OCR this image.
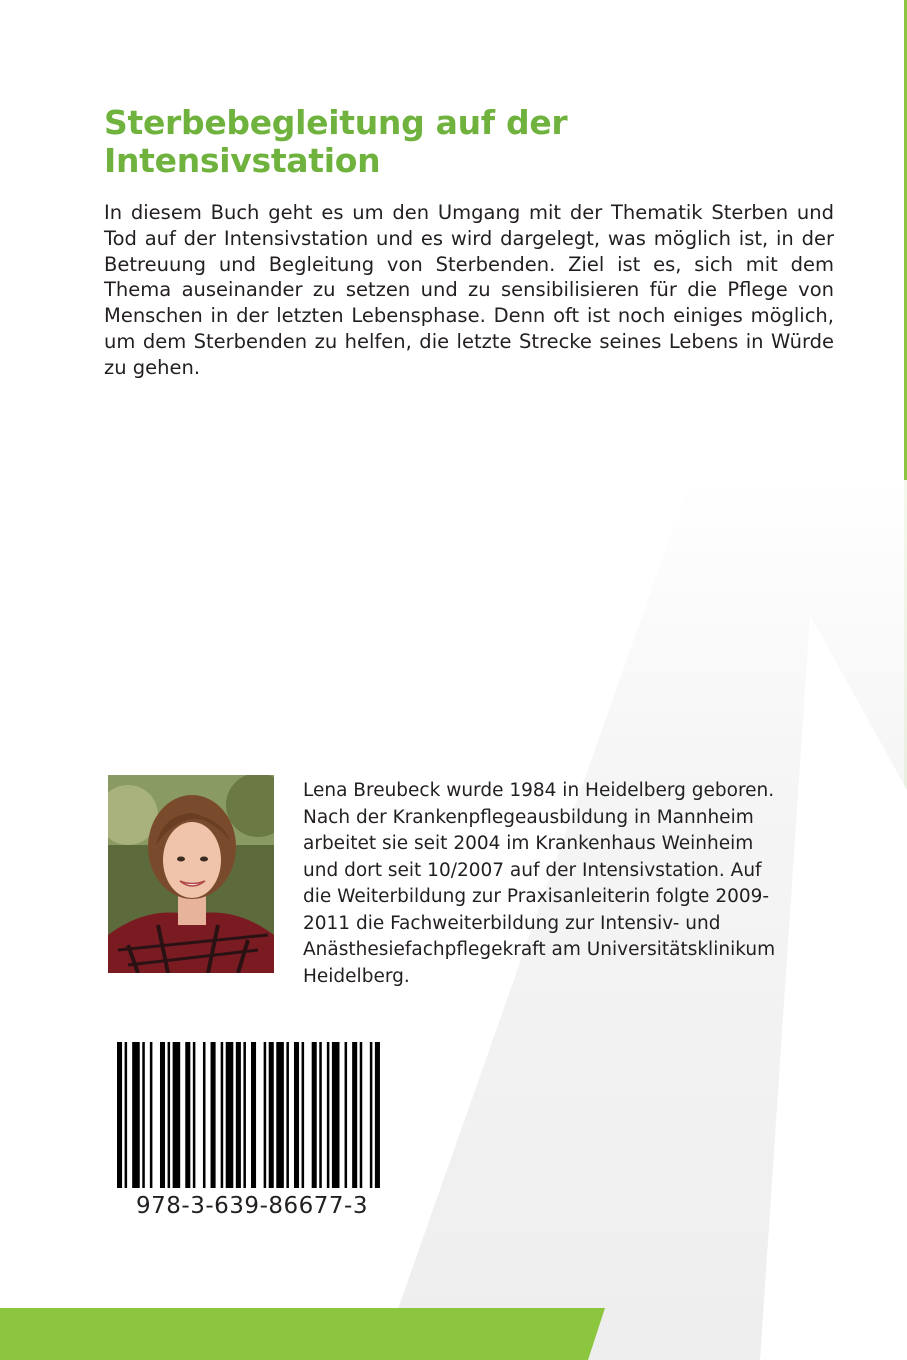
Sterbebegleitung auf der
Intensivstation
In diesem Buch geht es um den Umgang mit der Thematik Sterben und Tod auf der Intensivstation und es wird dargelegt, was möglich ist, in der Betreuung und Begleitung von Sterbenden. Ziel ist es, sich mit dem Thema auseinander zu setzen und zu sensibilisieren für die Pflege von Menschen in der letzten Lebensphase. Denn oft ist noch einiges möglich, um dem Sterbenden zu helfen, die letzte Strecke seines Lebens in Würde zu gehen.
Lena Breubeck wurde 1984 in Heidelberg geboren.
Nach der Krankenpflegeausbildung in Mannheim
arbeitet sie seit 2004 im Krankenhaus Weinheim
und dort seit 10/2007 auf der Intensivstation. Auf
die Weiterbildung zur Praxisanleiterin folgte 2009-
2011 die Fachweiterbildung zur Intensiv- und
Anästhesiefachpflegekraft am Universitätsklinikum
Heidelberg.
978-3-639-86677-3
